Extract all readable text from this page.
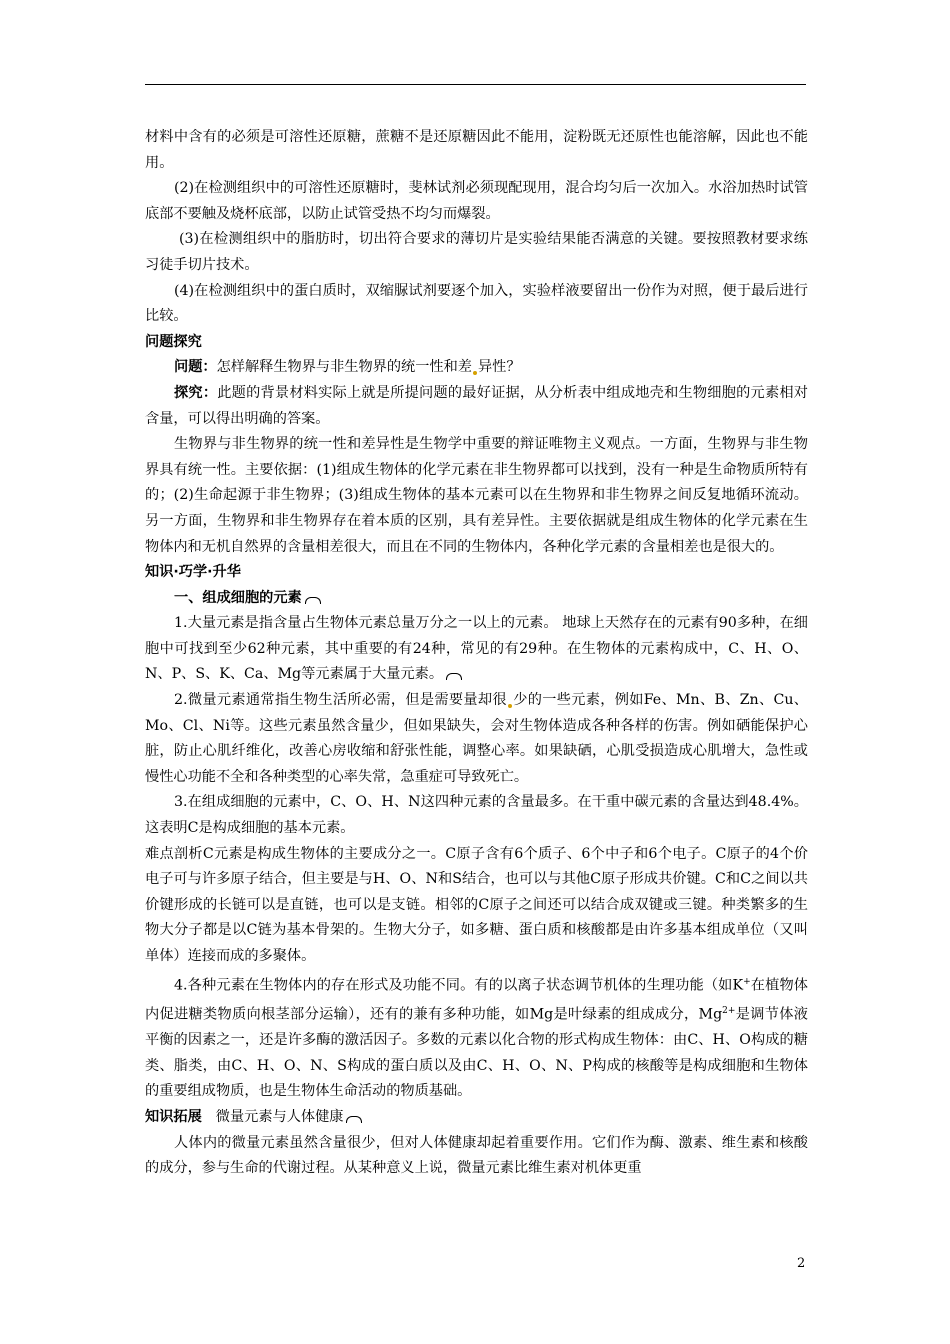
材料中含有的必须是可溶性还原糖，蔗糖不是还原糖因此不能用，淀粉既无还原性也能溶解，因此也不能用。

(2)在检测组织中的可溶性还原糖时，斐林试剂必须现配现用，混合均匀后一次加入。水浴加热时试管底部不要触及烧杯底部，以防止试管受热不均匀而爆裂。

(3)在检测组织中的脂肪时，切出符合要求的薄切片是实验结果能否满意的关键。要按照教材要求练习徒手切片技术。

(4)在检测组织中的蛋白质时，双缩脲试剂要逐个加入，实验样液要留出一份作为对照，便于最后进行比较。

问题探究

问题：怎样解释生物界与非生物界的统一性和差 异性？

探究：此题的背景材料实际上就是所提问题的最好证据，从分析表中组成地壳和生物细胞的元素相对含量，可以得出明确的答案。

生物界与非生物界的统一性和差异性是生物学中重要的辩证唯物主义观点。一方面，生物界与非生物界具有统一性。主要依据：(1)组成生物体的化学元素在非生物界都可以找到，没有一种是生命物质所特有的；(2)生命起源于非生物界；(3)组成生物体的基本元素可以在生物界和非生物界之间反复地循环流动。另一方面，生物界和非生物界存在着本质的区别，具有差异性。主要依据就是组成生物体的化学元素在生物体内和无机自然界的含量相差很大，而且在不同的生物体内，各种化学元素的含量相差也是很大的。

知识·巧学·升华

一、组成细胞的元素

1.大量元素是指含量占生物体元素总量万分之一以上的元素。 地球上天然存在的元素有90多种，在细胞中可找到至少62种元素，其中重要的有24种，常见的有29种。在生物体的元素构成中，C、H、O、N、P、S、K、Ca、Mg等元素属于大量元素。

2.微量元素通常指生物生活所必需，但是需要量却很 少的一些元素，例如Fe、Mn、B、Zn、Cu、Mo、Cl、Ni等。这些元素虽然含量少，但如果缺失，会对生物体造成各种各样的伤害。例如硒能保护心脏，防止心肌纤维化，改善心房收缩和舒张性能，调整心率。如果缺硒，心肌受损造成心肌增大，急性或慢性心功能不全和各种类型的心率失常，急重症可导致死亡。

3.在组成细胞的元素中，C、O、H、N这四种元素的含量最多。在干重中碳元素的含量达到48.4%。这表明C是构成细胞的基本元素。

难点剖析C元素是构成生物体的主要成分之一。C原子含有6个质子、6个中子和6个电子。C原子的4个价电子可与许多原子结合，但主要是与H、O、N和S结合，也可以与其他C原子形成共价键。C和C之间以共价键形成的长链可以是直链，也可以是支链。相邻的C原子之间还可以结合成双键或三键。种类繁多的生物大分子都是以C链为基本骨架的。生物大分子，如多糖、蛋白质和核酸都是由许多基本组成单位（又叫单体）连接而成的多聚体。

4.各种元素在生物体内的存在形式及功能不同。有的以离子状态调节机体的生理功能（如K+在植物体内促进糖类物质向根茎部分运输），还有的兼有多种功能，如Mg是叶绿素的组成成分，$Mg^{2+}$是调节体液平衡的因素之一，还是许多酶的激活因子。多数的元素以化合物的形式构成生物体：由C、H、O构成的糖类、脂类，由C、H、O、N、S构成的蛋白质以及由C、H、O、N、P构成的核酸等是构成细胞和生物体的重要组成物质，也是生物体生命活动的物质基础。

知识拓展 微量元素与人体健康

人体内的微量元素虽然含量很少，但对人体健康却起着重要作用。它们作为酶、激素、维生素和核酸的成分，参与生命的代谢过程。从某种意义上说，微量元素比维生素对机体更重

2
